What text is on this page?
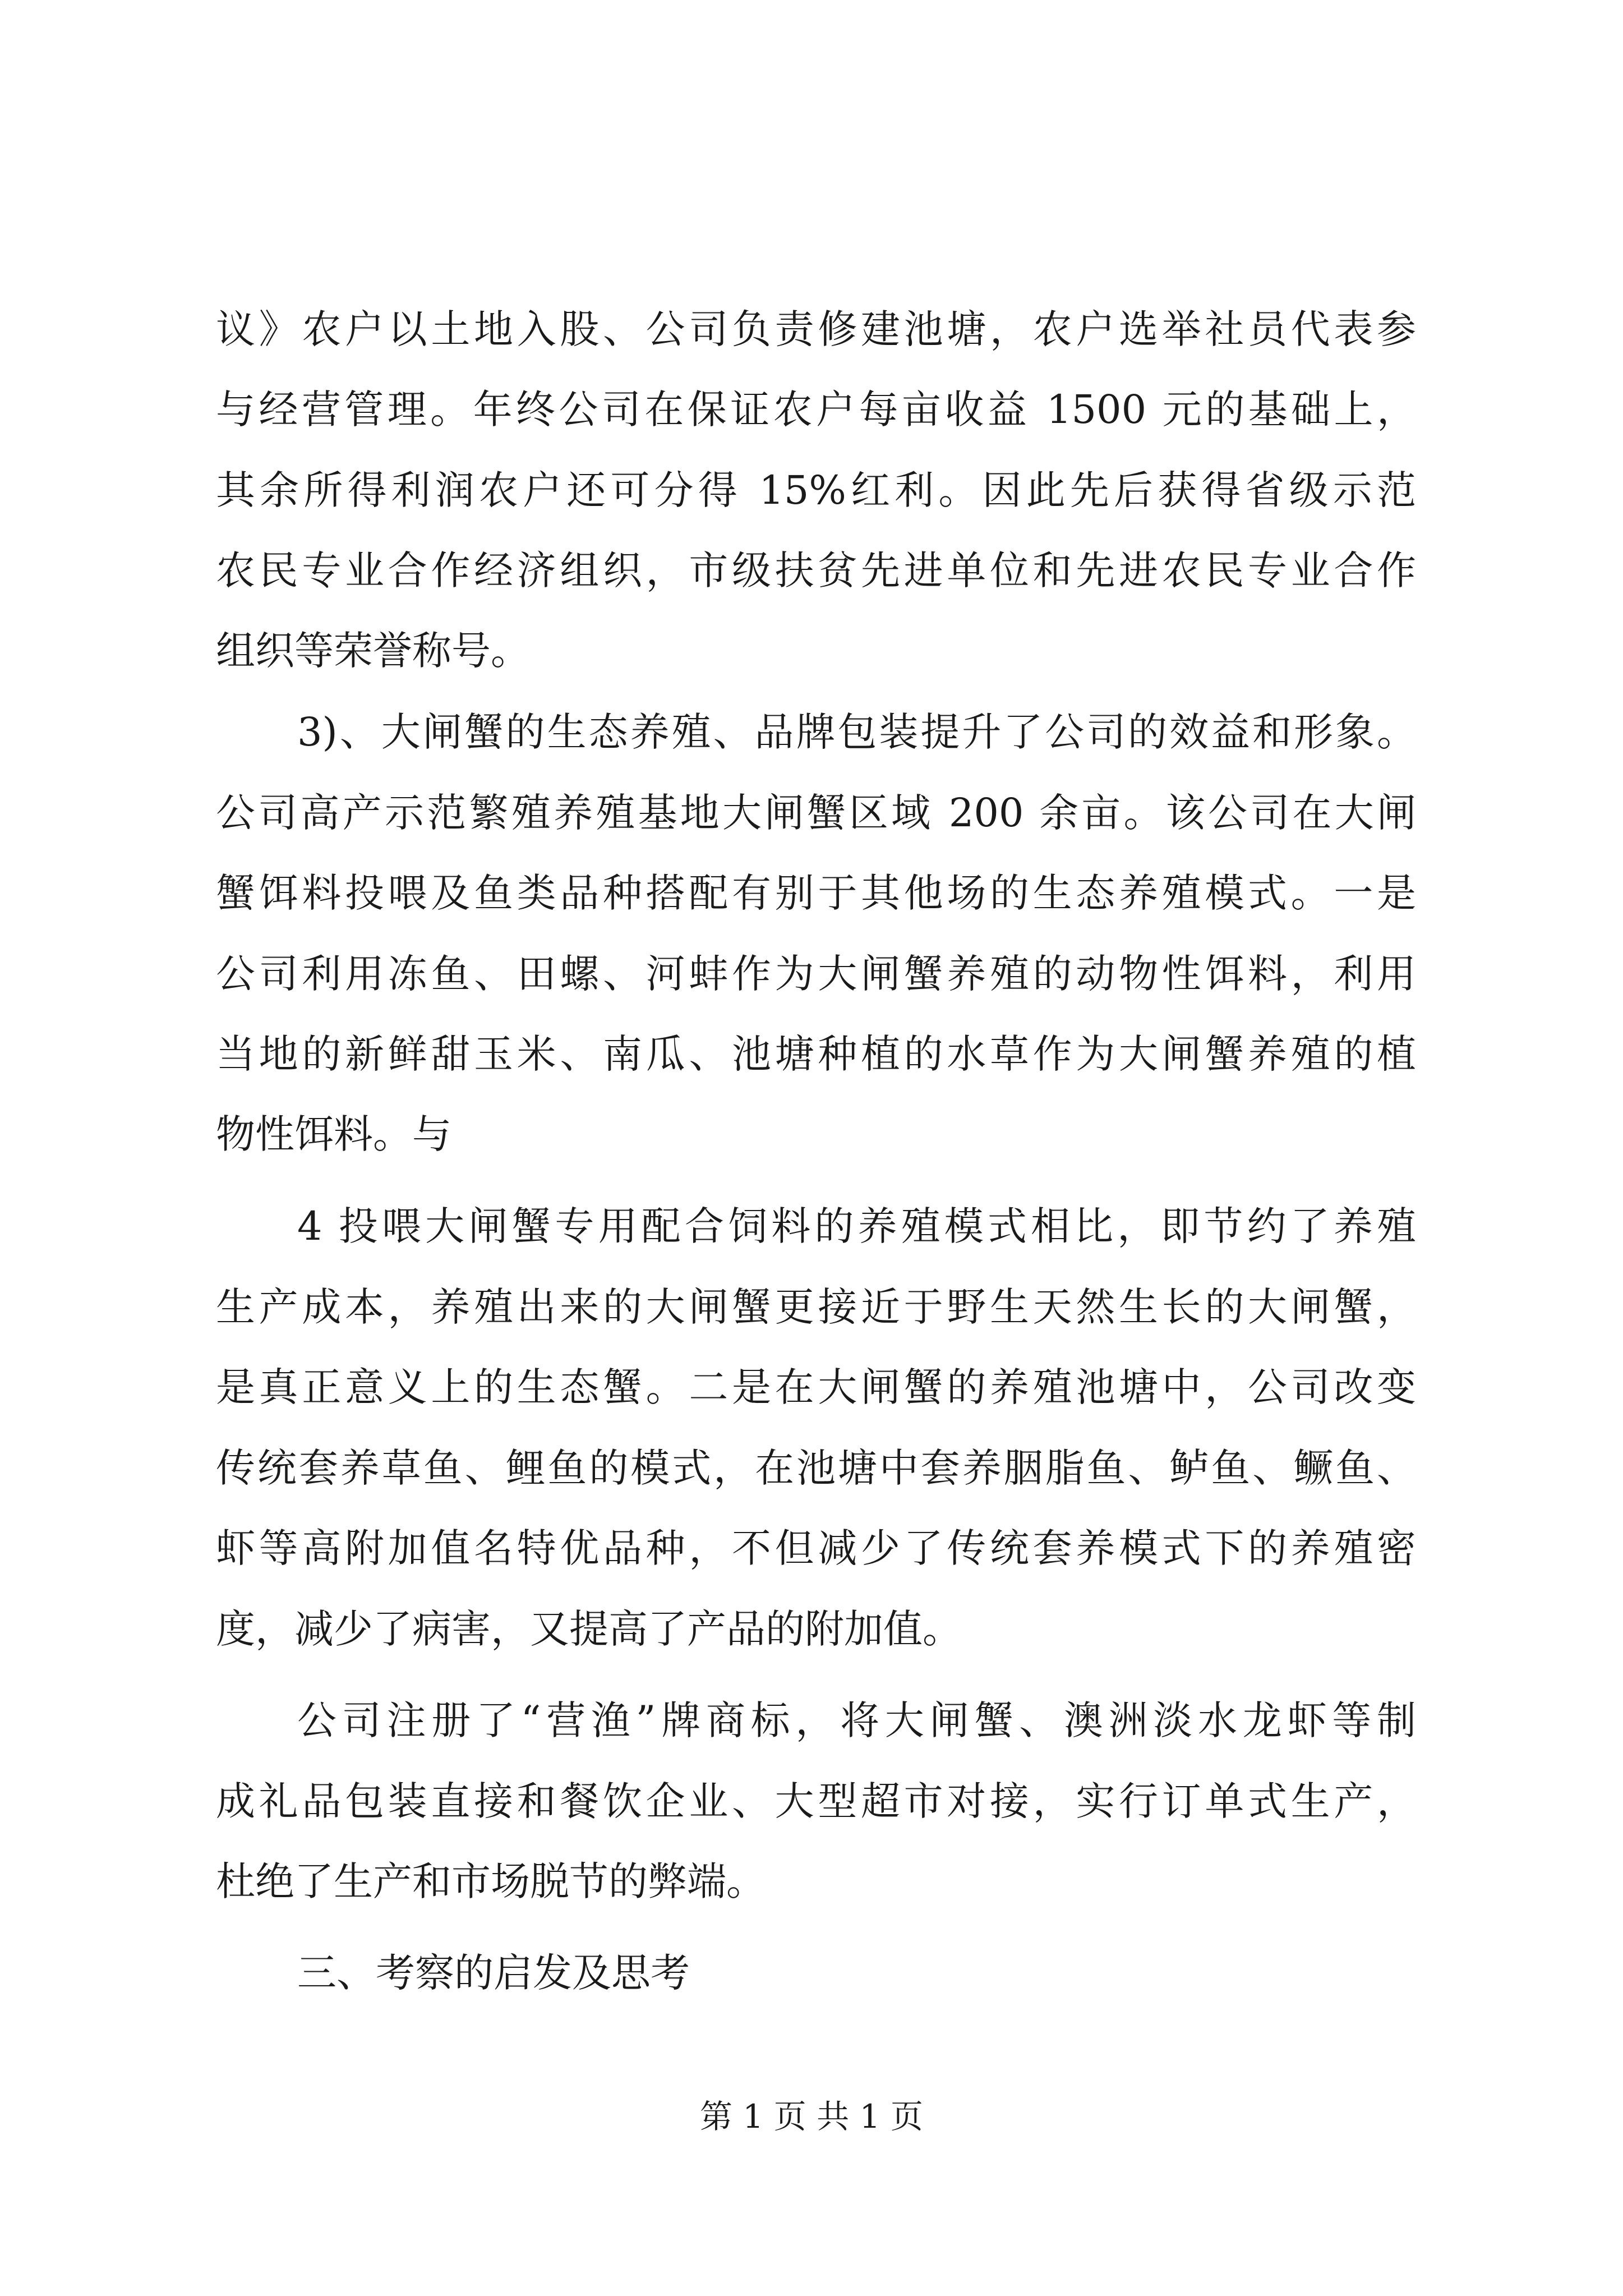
议》农户以土地入股、公司负责修建池塘，农户选举社员代表参
与经营管理。年终公司在保证农户每亩收益 1500 元的基础上，
其余所得利润农户还可分得 15%红利。因此先后获得省级示范
农民专业合作经济组织，市级扶贫先进单位和先进农民专业合作
组织等荣誉称号。
3)、大闸蟹的生态养殖、品牌包装提升了公司的效益和形象。
公司高产示范繁殖养殖基地大闸蟹区域 200 余亩。该公司在大闸
蟹饵料投喂及鱼类品种搭配有别于其他场的生态养殖模式。一是
公司利用冻鱼、田螺、河蚌作为大闸蟹养殖的动物性饵料，利用
当地的新鲜甜玉米、南瓜、池塘种植的水草作为大闸蟹养殖的植
物性饵料。与
4 投喂大闸蟹专用配合饲料的养殖模式相比，即节约了养殖
生产成本，养殖出来的大闸蟹更接近于野生天然生长的大闸蟹，
是真正意义上的生态蟹。二是在大闸蟹的养殖池塘中，公司改变
传统套养草鱼、鲤鱼的模式，在池塘中套养胭脂鱼、鲈鱼、鳜鱼、
虾等高附加值名特优品种，不但减少了传统套养模式下的养殖密
度，减少了病害，又提高了产品的附加值。
公司注册了“营渔”牌商标，将大闸蟹、澳洲淡水龙虾等制
成礼品包装直接和餐饮企业、大型超市对接，实行订单式生产，
杜绝了生产和市场脱节的弊端。
三、考察的启发及思考
第 1 页 共 1 页
